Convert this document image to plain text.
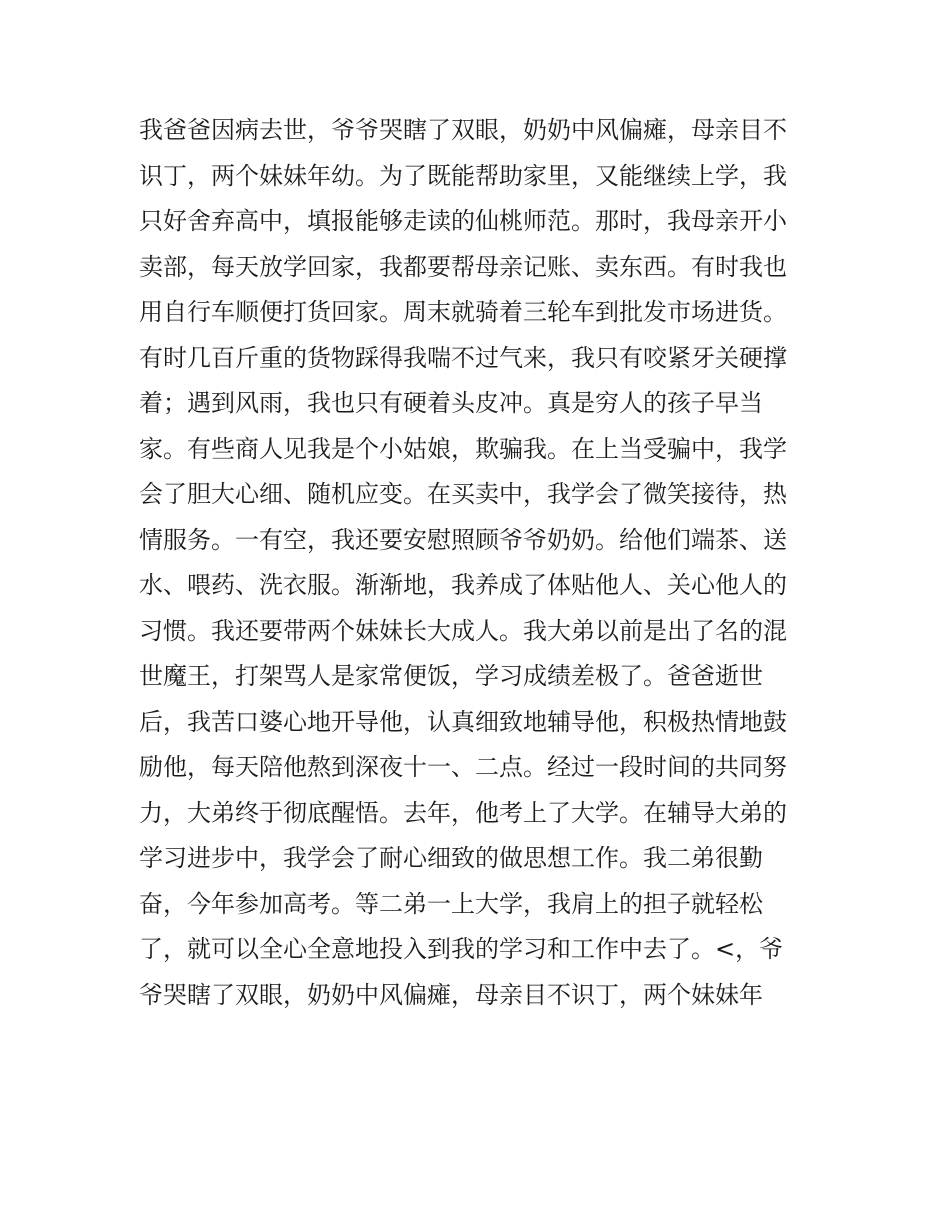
我爸爸因病去世，爷爷哭瞎了双眼，奶奶中风偏瘫，母亲目不
识丁，两个妹妹年幼。为了既能帮助家里，又能继续上学，我
只好舍弃高中，填报能够走读的仙桃师范。那时，我母亲开小
卖部，每天放学回家，我都要帮母亲记账、卖东西。有时我也
用自行车顺便打货回家。周末就骑着三轮车到批发市场进货。
有时几百斤重的货物踩得我喘不过气来，我只有咬紧牙关硬撑
着；遇到风雨，我也只有硬着头皮冲。真是穷人的孩子早当
家。有些商人见我是个小姑娘，欺骗我。在上当受骗中，我学
会了胆大心细、随机应变。在买卖中，我学会了微笑接待，热
情服务。一有空，我还要安慰照顾爷爷奶奶。给他们端茶、送
水、喂药、洗衣服。渐渐地，我养成了体贴他人、关心他人的
习惯。我还要带两个妹妹长大成人。我大弟以前是出了名的混
世魔王，打架骂人是家常便饭，学习成绩差极了。爸爸逝世
后，我苦口婆心地开导他，认真细致地辅导他，积极热情地鼓
励他，每天陪他熬到深夜十一、二点。经过一段时间的共同努
力，大弟终于彻底醒悟。去年，他考上了大学。在辅导大弟的
学习进步中，我学会了耐心细致的做思想工作。我二弟很勤
奋，今年参加高考。等二弟一上大学，我肩上的担子就轻松
了，就可以全心全意地投入到我的学习和工作中去了。<，爷
爷哭瞎了双眼，奶奶中风偏瘫，母亲目不识丁，两个妹妹年
